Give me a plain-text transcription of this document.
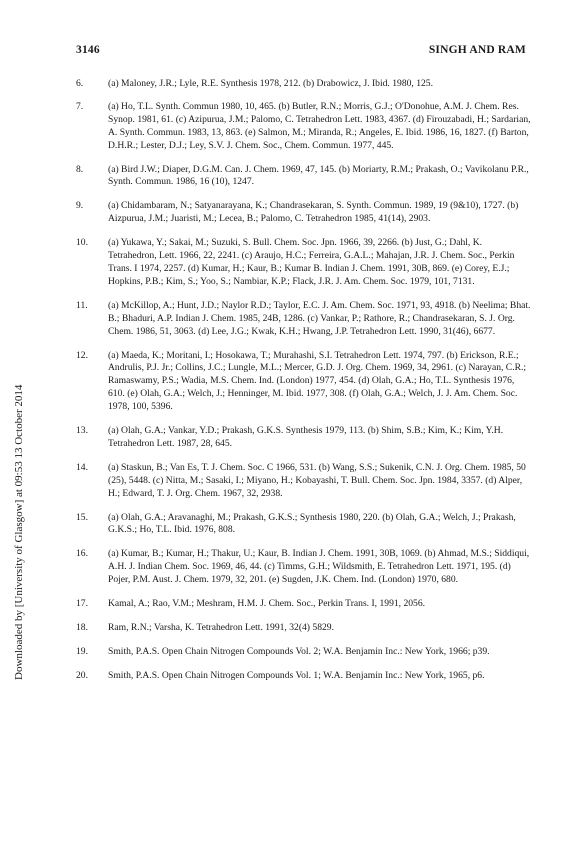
3146	SINGH AND RAM
Downloaded by [University of Glasgow] at 09:53 13 October 2014
6.	(a) Maloney, J.R.; Lyle, R.E. Synthesis 1978, 212. (b) Drabowicz, J. Ibid. 1980, 125.
7.	(a) Ho, T.L. Synth. Commun 1980, 10, 465. (b) Butler, R.N.; Morris, G.J.; O'Donohue, A.M. J. Chem. Res. Synop. 1981, 61. (c) Azipurua, J.M.; Palomo, C. Tetrahedron Lett. 1983, 4367. (d) Firouzabadi, H.; Sardarian, A. Synth. Commun. 1983, 13, 863. (e) Salmon, M.; Miranda, R.; Angeles, E. Ibid. 1986, 16, 1827. (f) Barton, D.H.R.; Lester, D.J.; Ley, S.V. J. Chem. Soc., Chem. Commun. 1977, 445.
8.	(a) Bird J.W.; Diaper, D.G.M. Can. J. Chem. 1969, 47, 145. (b) Moriarty, R.M.; Prakash, O.; Vavikolanu P.R., Synth. Commun. 1986, 16 (10), 1247.
9.	(a) Chidambaram, N.; Satyanarayana, K.; Chandrasekaran, S. Synth. Commun. 1989, 19 (9&10), 1727. (b) Aizpurua, J.M.; Juaristi, M.; Lecea, B.; Palomo, C. Tetrahedron 1985, 41(14), 2903.
10.	(a) Yukawa, Y.; Sakai, M.; Suzuki, S. Bull. Chem. Soc. Jpn. 1966, 39, 2266. (b) Just, G.; Dahl, K. Tetrahedron, Lett. 1966, 22, 2241. (c) Araujo, H.C.; Ferreira, G.A.L.; Mahajan, J.R. J. Chem. Soc., Perkin Trans. I 1974, 2257. (d) Kumar, H.; Kaur, B.; Kumar B. Indian J. Chem. 1991, 30B, 869. (e) Corey, E.J.; Hopkins, P.B.; Kim, S.; Yoo, S.; Nambiar, K.P.; Flack, J.R. J. Am. Chem. Soc. 1979, 101, 7131.
11.	(a) McKillop, A.; Hunt, J.D.; Naylor R.D.; Taylor, E.C. J. Am. Chem. Soc. 1971, 93, 4918. (b) Neelima; Bhat. B.; Bhaduri, A.P. Indian J. Chem. 1985, 24B, 1286. (c) Vankar, P.; Rathore, R.; Chandrasekaran, S. J. Org. Chem. 1986, 51, 3063. (d) Lee, J.G.; Kwak, K.H.; Hwang, J.P. Tetrahedron Lett. 1990, 31(46), 6677.
12.	(a) Maeda, K.; Moritani, I.; Hosokawa, T.; Murahashi, S.I. Tetrahedron Lett. 1974, 797. (b) Erickson, R.E.; Andrulis, P.J. Jr.; Collins, J.C.; Lungle, M.L.; Mercer, G.D. J. Org. Chem. 1969, 34, 2961. (c) Narayan, C.R.; Ramaswamy, P.S.; Wadia, M.S. Chem. Ind. (London) 1977, 454. (d) Olah, G.A.; Ho, T.L. Synthesis 1976, 610. (e) Olah, G.A.; Welch, J.; Henninger, M. Ibid. 1977, 308. (f) Olah, G.A.; Welch, J. J. Am. Chem. Soc. 1978, 100, 5396.
13.	(a) Olah, G.A.; Vankar, Y.D.; Prakash, G.K.S. Synthesis 1979, 113. (b) Shim, S.B.; Kim, K.; Kim, Y.H. Tetrahedron Lett. 1987, 28, 645.
14.	(a) Staskun, B.; Van Es, T. J. Chem. Soc. C 1966, 531. (b) Wang, S.S.; Sukenik, C.N. J. Org. Chem. 1985, 50 (25), 5448. (c) Nitta, M.; Sasaki, I.; Miyano, H.; Kobayashi, T. Bull. Chem. Soc. Jpn. 1984, 3357. (d) Alper, H.; Edward, T. J. Org. Chem. 1967, 32, 2938.
15.	(a) Olah, G.A.; Aravanaghi, M.; Prakash, G.K.S.; Synthesis 1980, 220. (b) Olah, G.A.; Welch, J.; Prakash, G.K.S.; Ho, T.L. Ibid. 1976, 808.
16.	(a) Kumar, B.; Kumar, H.; Thakur, U.; Kaur, B. Indian J. Chem. 1991, 30B, 1069. (b) Ahmad, M.S.; Siddiqui, A.H. J. Indian Chem. Soc. 1969, 46, 44. (c) Timms, G.H.; Wildsmith, E. Tetrahedron Lett. 1971, 195. (d) Pojer, P.M. Aust. J. Chem. 1979, 32, 201. (e) Sugden, J.K. Chem. Ind. (London) 1970, 680.
17.	Kamal, A.; Rao, V.M.; Meshram, H.M. J. Chem. Soc., Perkin Trans. I, 1991, 2056.
18.	Ram, R.N.; Varsha, K. Tetrahedron Lett. 1991, 32(4) 5829.
19.	Smith, P.A.S. Open Chain Nitrogen Compounds Vol. 2; W.A. Benjamin Inc.: New York, 1966; p39.
20.	Smith, P.A.S. Open Chain Nitrogen Compounds Vol. 1; W.A. Benjamin Inc.: New York, 1965, p6.
